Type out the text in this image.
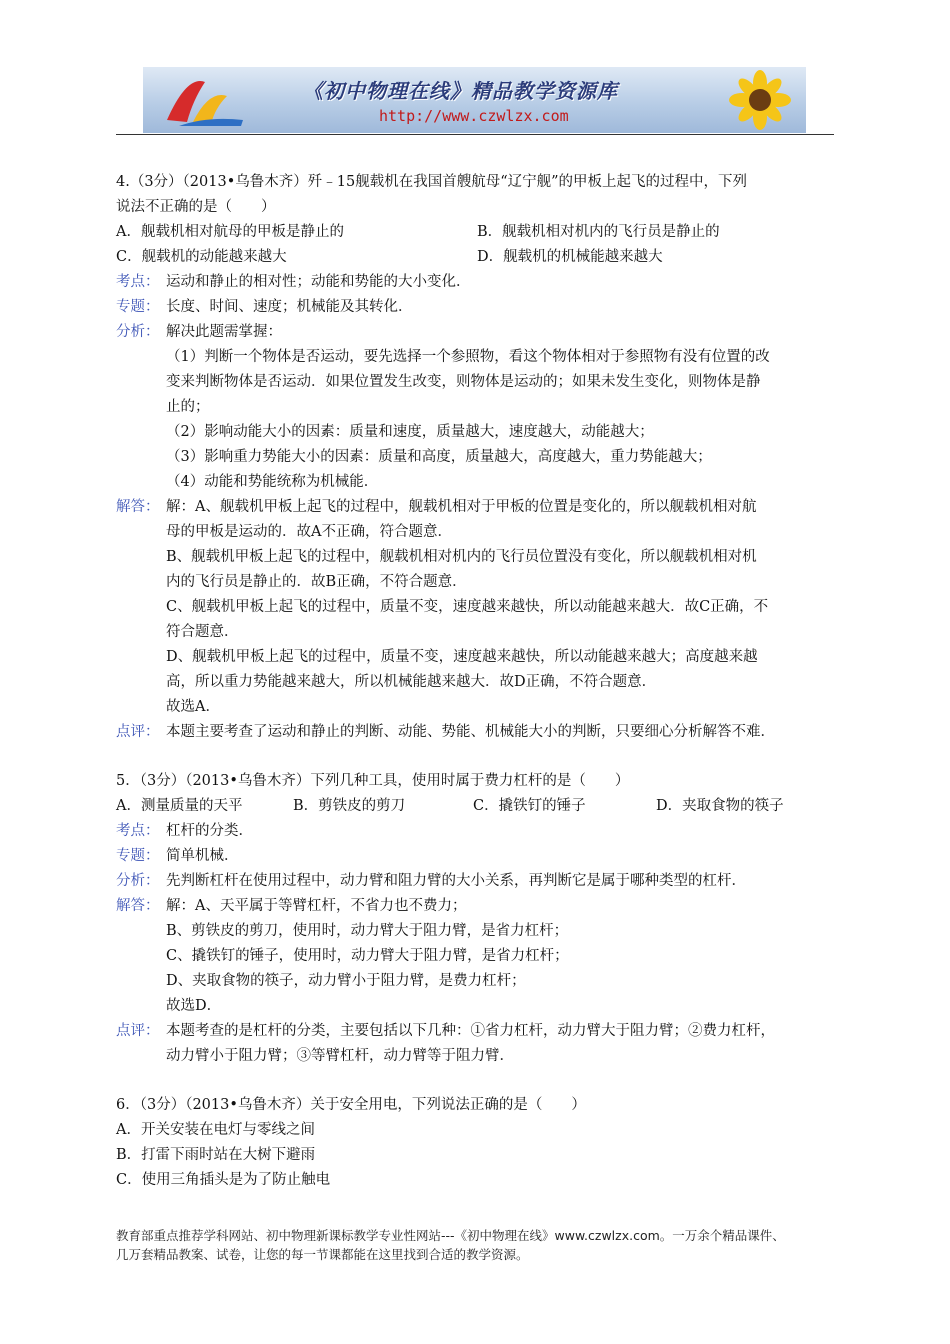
《初中物理在线》精品教学资源库
http://www.czwlzx.com
4.（3分）（2013•乌鲁木齐）歼﹣15舰载机在我国首艘航母“辽宁舰”的甲板上起飞的过程中，下列
说法不正确的是（　　）
A．舰载机相对航母的甲板是静止的	B．舰载机相对机内的飞行员是静止的
C．舰载机的动能越来越大	D．舰载机的机械能越来越大
考点： 运动和静止的相对性；动能和势能的大小变化．
专题： 长度、时间、速度；机械能及其转化．
分析： 解决此题需掌握：
（1）判断一个物体是否运动，要先选择一个参照物，看这个物体相对于参照物有没有位置的改
变来判断物体是否运动．如果位置发生改变，则物体是运动的；如果未发生变化，则物体是静
止的；
（2）影响动能大小的因素：质量和速度，质量越大，速度越大，动能越大；
（3）影响重力势能大小的因素：质量和高度，质量越大，高度越大，重力势能越大；
（4）动能和势能统称为机械能．
解答： 解：A、舰载机甲板上起飞的过程中，舰载机相对于甲板的位置是变化的，所以舰载机相对航
母的甲板是运动的．故A不正确，符合题意．
B、舰载机甲板上起飞的过程中，舰载机相对机内的飞行员位置没有变化，所以舰载机相对机
内的飞行员是静止的．故B正确，不符合题意．
C、舰载机甲板上起飞的过程中，质量不变，速度越来越快，所以动能越来越大．故C正确，不
符合题意．
D、舰载机甲板上起飞的过程中，质量不变，速度越来越快，所以动能越来越大；高度越来越
高，所以重力势能越来越大，所以机械能越来越大．故D正确，不符合题意．
故选A．
点评： 本题主要考查了运动和静止的判断、动能、势能、机械能大小的判断，只要细心分析解答不难．
5．（3分）（2013•乌鲁木齐）下列几种工具，使用时属于费力杠杆的是（　　）
A．测量质量的天平	B．剪铁皮的剪刀	C．撬铁钉的锤子	D．夹取食物的筷子
考点： 杠杆的分类．
专题： 简单机械．
分析： 先判断杠杆在使用过程中，动力臂和阻力臂的大小关系，再判断它是属于哪种类型的杠杆．
解答： 解：A、天平属于等臂杠杆，不省力也不费力；
B、剪铁皮的剪刀，使用时，动力臂大于阻力臂，是省力杠杆；
C、撬铁钉的锤子，使用时，动力臂大于阻力臂，是省力杠杆；
D、夹取食物的筷子，动力臂小于阻力臂，是费力杠杆；
故选D．
点评： 本题考查的是杠杆的分类，主要包括以下几种：①省力杠杆，动力臂大于阻力臂；②费力杠杆，
动力臂小于阻力臂；③等臂杠杆，动力臂等于阻力臂．
6．（3分）（2013•乌鲁木齐）关于安全用电，下列说法正确的是（　　）
A．开关安装在电灯与零线之间
B．打雷下雨时站在大树下避雨
C．使用三角插头是为了防止触电
教育部重点推荐学科网站、初中物理新课标教学专业性网站---《初中物理在线》www.czwlzx.com。一万余个精品课件、
几万套精品教案、试卷，让您的每一节课都能在这里找到合适的教学资源。
